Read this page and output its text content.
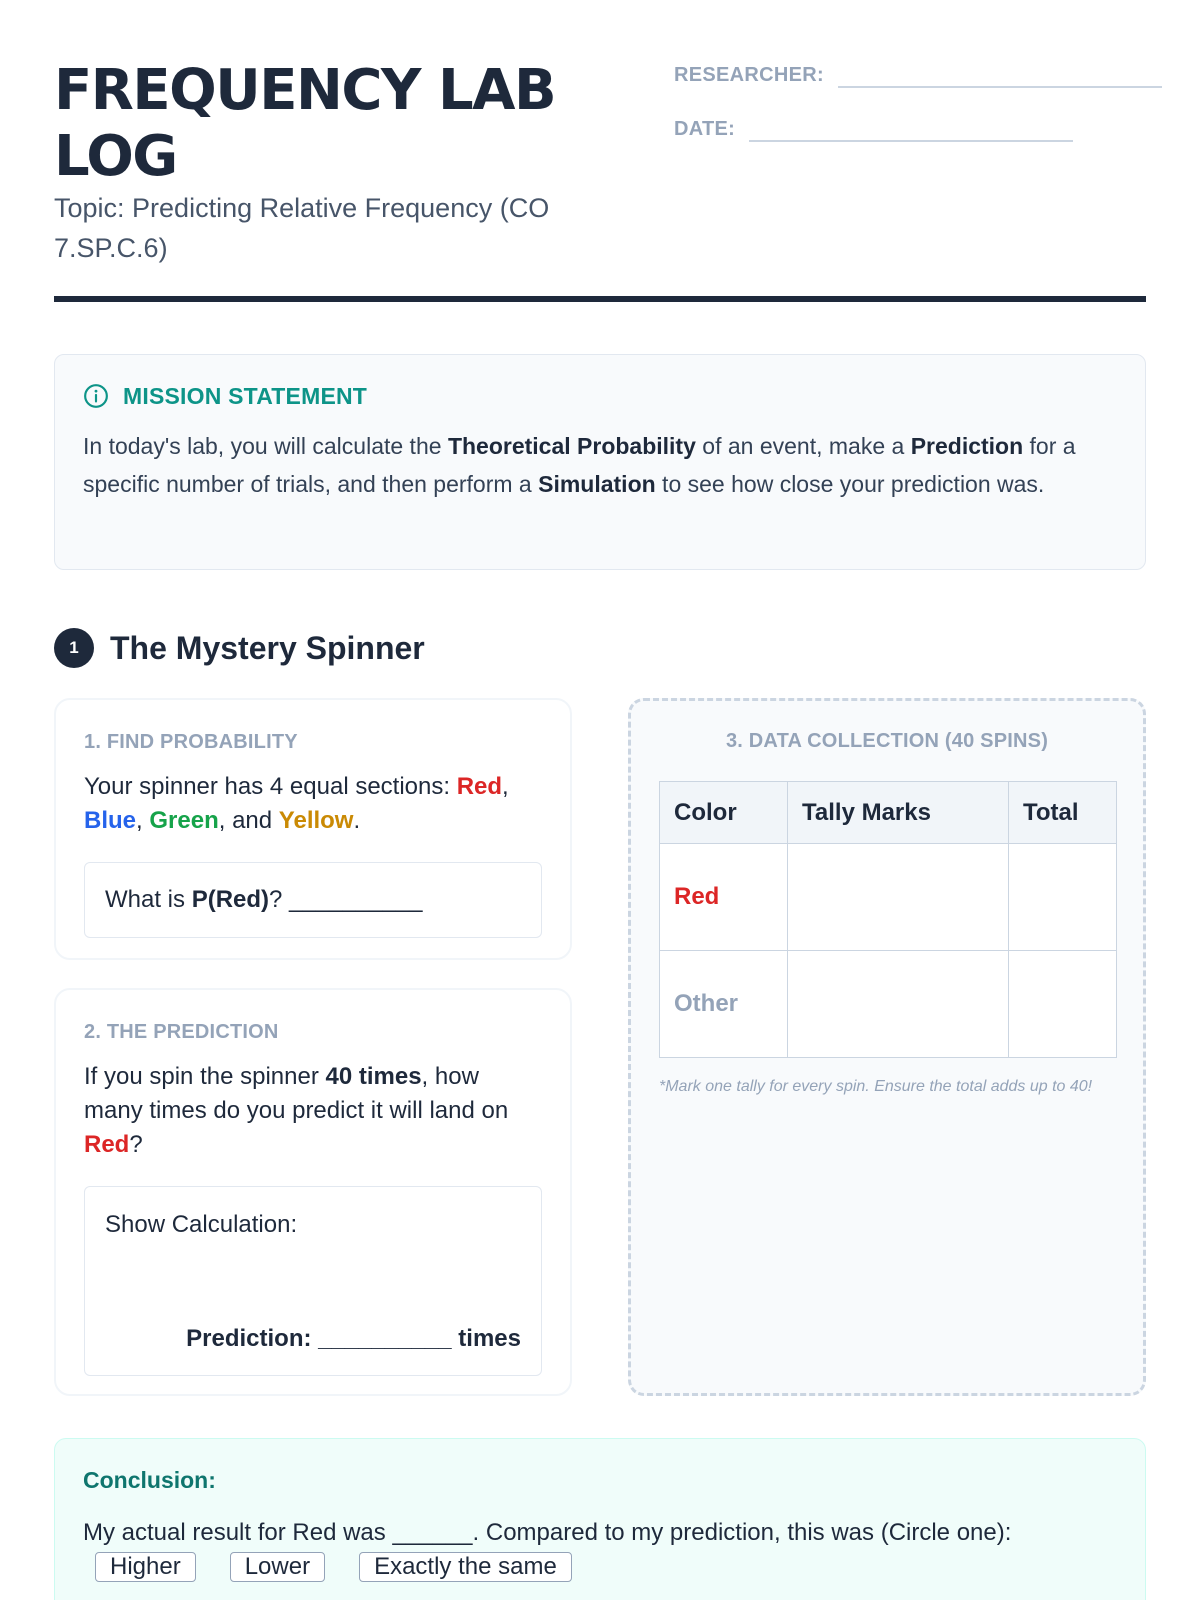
FREQUENCY LAB LOG
Topic: Predicting Relative Frequency (CO 7.SP.C.6)
RESEARCHER:
DATE:
MISSION STATEMENT
In today's lab, you will calculate the Theoretical Probability of an event, make a Prediction for a specific number of trials, and then perform a Simulation to see how close your prediction was.
1 The Mystery Spinner
1. FIND PROBABILITY
Your spinner has 4 equal sections: Red, Blue, Green, and Yellow.
What is
P(Red) ? __________
2. THE PREDICTION
If you spin the spinner 40 times, how many times do you predict it will land on Red?
Show Calculation:
Prediction: __________ times
3. DATA COLLECTION (40 SPINS)
Color	Tally Marks	Total
Red		
Other		
*Mark one tally for every spin. Ensure the total adds up to 40!
Conclusion:
My actual result for Red was ______. Compared to my prediction, this was (Circle one):
Higher	Lower	Exactly the same
